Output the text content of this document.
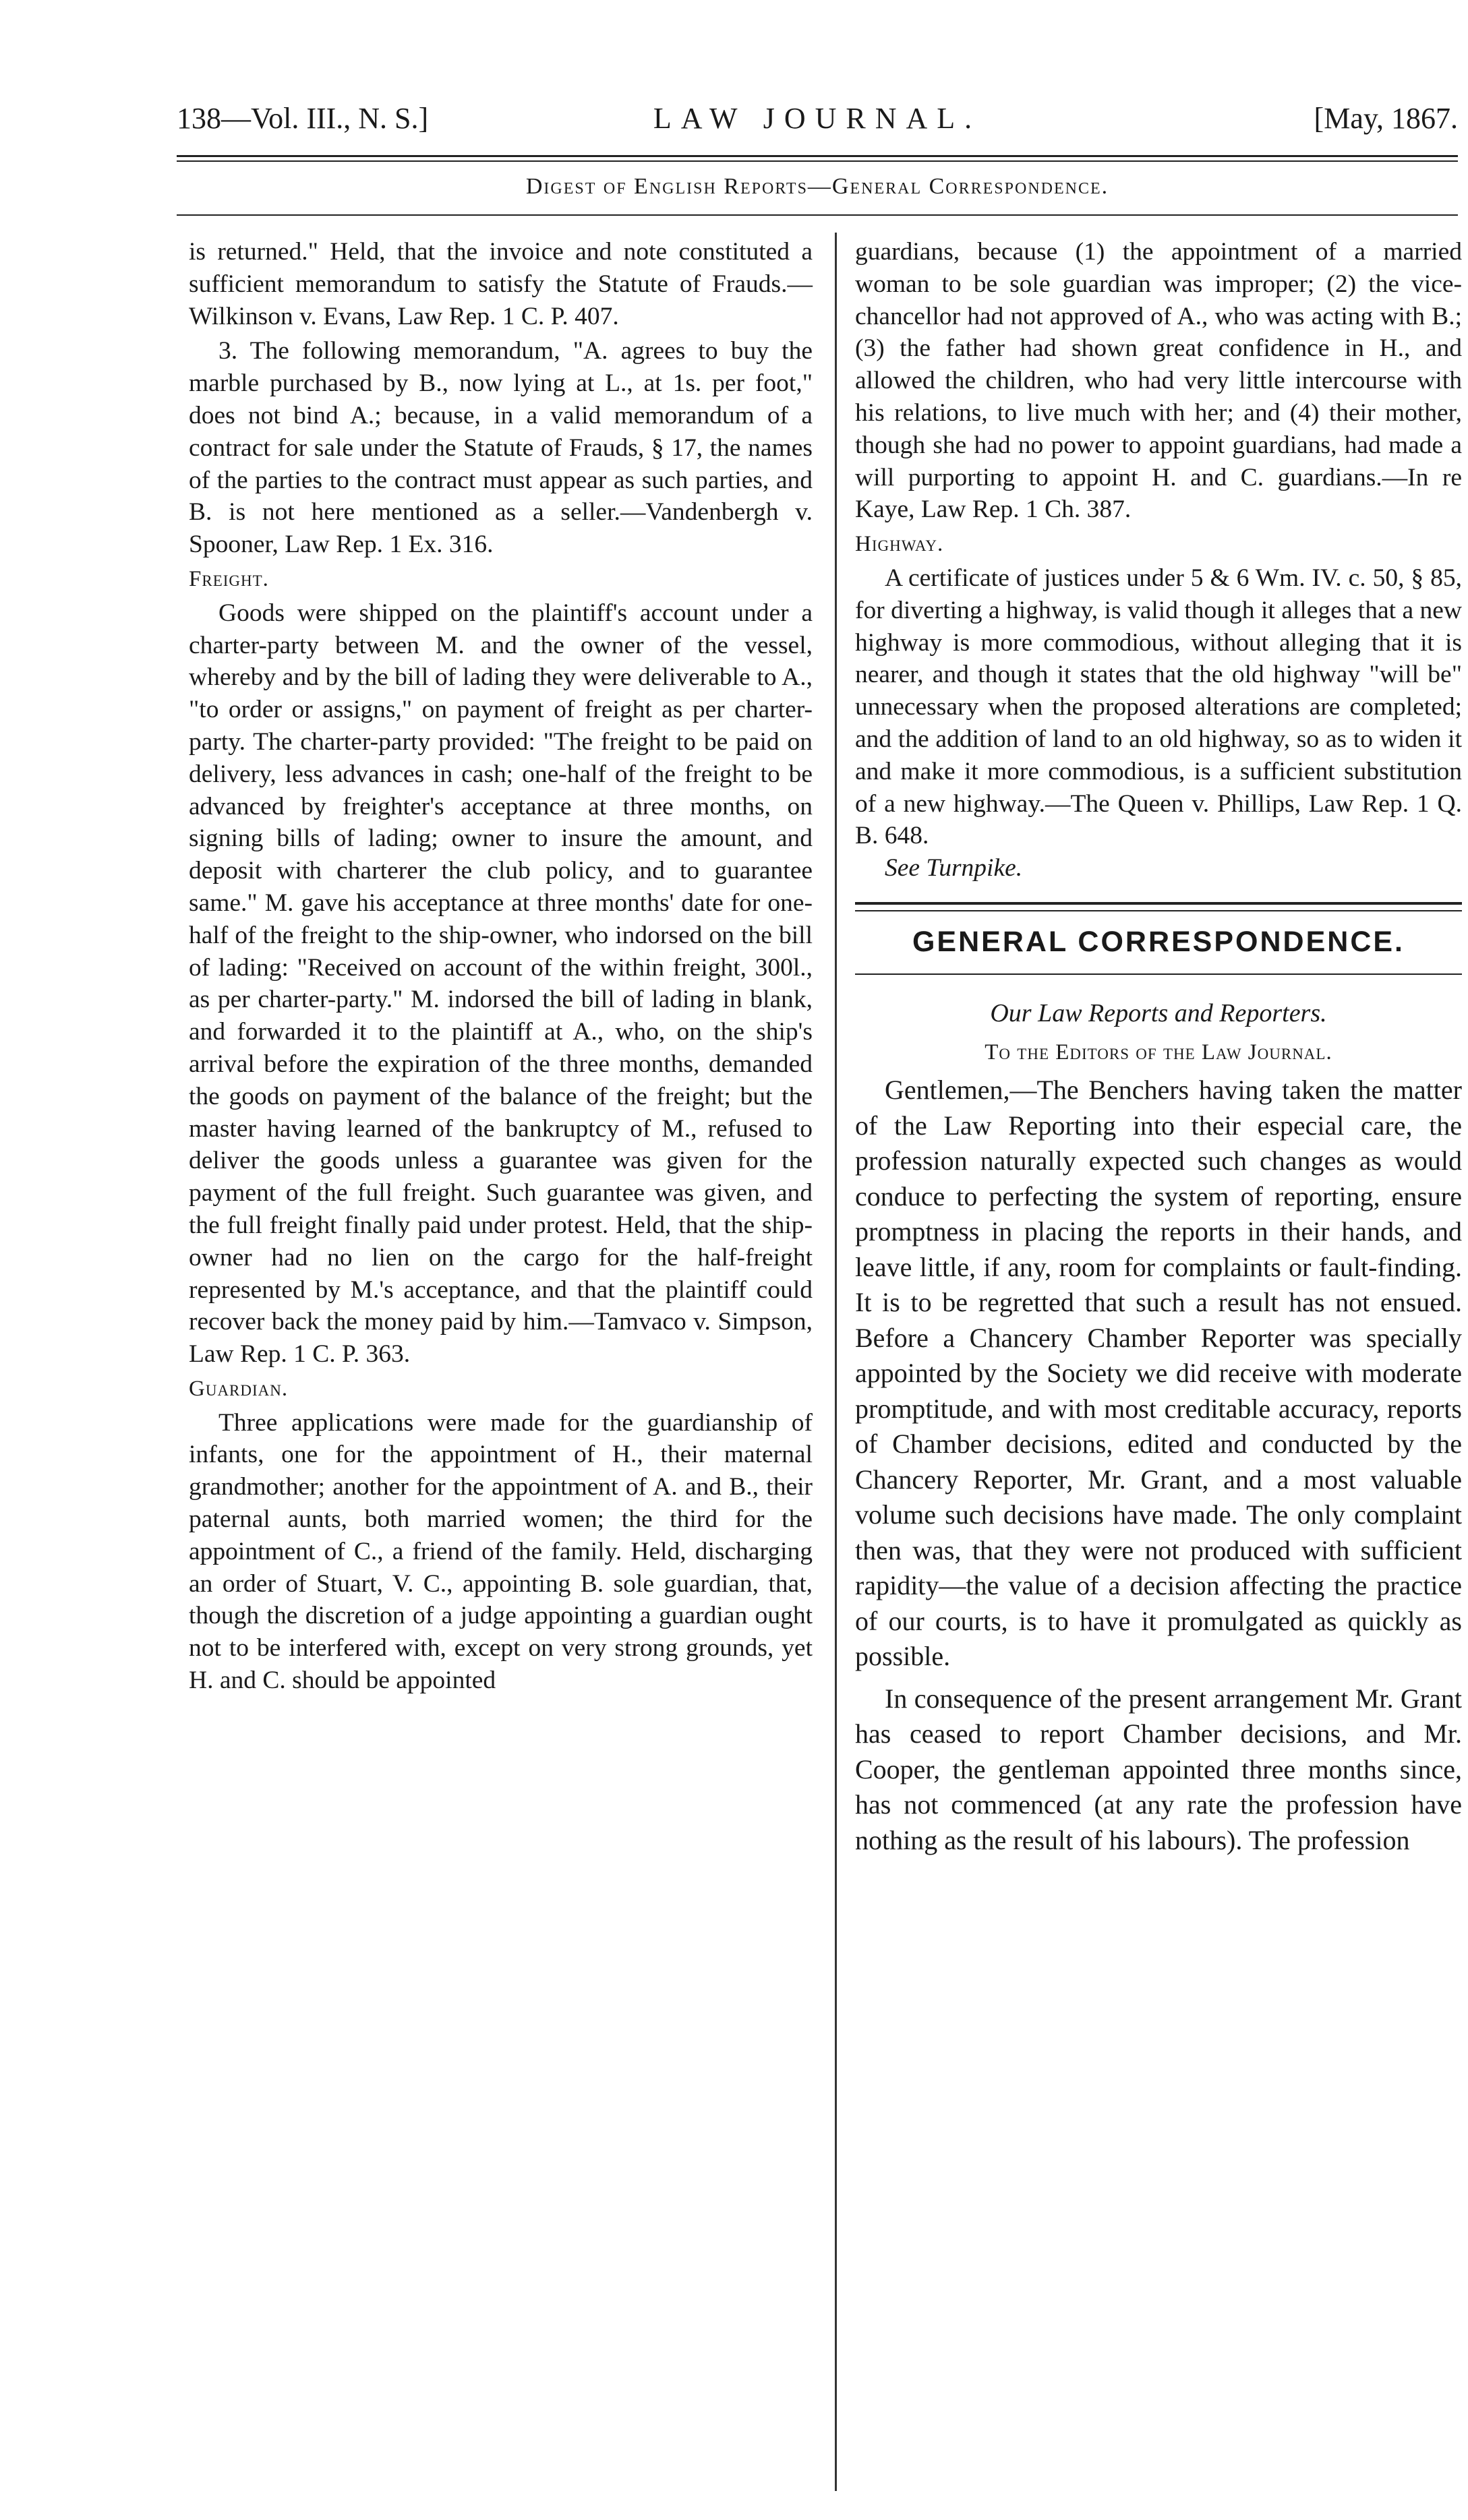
138—Vol. III., N. S.]	LAW JOURNAL.	[May, 1867.
Digest of English Reports—General Correspondence.

is returned." Held, that the invoice and note constituted a sufficient memorandum to satisfy the Statute of Frauds.—Wilkinson v. Evans, Law Rep. 1 C. P. 407.

3. The following memorandum, "A. agrees to buy the marble purchased by B., now lying at L., at 1s. per foot," does not bind A.; because, in a valid memorandum of a contract for sale under the Statute of Frauds, § 17, the names of the parties to the contract must appear as such parties, and B. is not here mentioned as a seller.—Vandenbergh v. Spooner, Law Rep. 1 Ex. 316.

Freight.

Goods were shipped on the plaintiff's account under a charter-party between M. and the owner of the vessel, whereby and by the bill of lading they were deliverable to A., "to order or assigns," on payment of freight as per charter-party. The charter-party provided: "The freight to be paid on delivery, less advances in cash; one-half of the freight to be advanced by freighter's acceptance at three months, on signing bills of lading; owner to insure the amount, and deposit with charterer the club policy, and to guarantee same." M. gave his acceptance at three months' date for one-half of the freight to the ship-owner, who indorsed on the bill of lading: "Received on account of the within freight, 300l., as per charter-party." M. indorsed the bill of lading in blank, and forwarded it to the plaintiff at A., who, on the ship's arrival before the expiration of the three months, demanded the goods on payment of the balance of the freight; but the master having learned of the bankruptcy of M., refused to deliver the goods unless a guarantee was given for the payment of the full freight. Such guarantee was given, and the full freight finally paid under protest. Held, that the ship-owner had no lien on the cargo for the half-freight represented by M.'s acceptance, and that the plaintiff could recover back the money paid by him.—Tamvaco v. Simpson, Law Rep. 1 C. P. 363.

Guardian.

Three applications were made for the guardianship of infants, one for the appointment of H., their maternal grandmother; another for the appointment of A. and B., their paternal aunts, both married women; the third for the appointment of C., a friend of the family. Held, discharging an order of Stuart, V. C., appointing B. sole guardian, that, though the discretion of a judge appointing a guardian ought not to be interfered with, except on very strong grounds, yet H. and C. should be appointed

guardians, because (1) the appointment of a married woman to be sole guardian was improper; (2) the vice-chancellor had not approved of A., who was acting with B.; (3) the father had shown great confidence in H., and allowed the children, who had very little intercourse with his relations, to live much with her; and (4) their mother, though she had no power to appoint guardians, had made a will purporting to appoint H. and C. guardians.—In re Kaye, Law Rep. 1 Ch. 387.

Highway.

A certificate of justices under 5 & 6 Wm. IV. c. 50, § 85, for diverting a highway, is valid though it alleges that a new highway is more commodious, without alleging that it is nearer, and though it states that the old highway "will be" unnecessary when the proposed alterations are completed; and the addition of land to an old highway, so as to widen it and make it more commodious, is a sufficient substitution of a new highway.—The Queen v. Phillips, Law Rep. 1 Q. B. 648.

See Turnpike.

GENERAL CORRESPONDENCE.
Our Law Reports and Reporters.
To the Editors of the Law Journal.

Gentlemen,—The Benchers having taken the matter of the Law Reporting into their especial care, the profession naturally expected such changes as would conduce to perfecting the system of reporting, ensure promptness in placing the reports in their hands, and leave little, if any, room for complaints or fault-finding. It is to be regretted that such a result has not ensued. Before a Chancery Chamber Reporter was specially appointed by the Society we did receive with moderate promptitude, and with most creditable accuracy, reports of Chamber decisions, edited and conducted by the Chancery Reporter, Mr. Grant, and a most valuable volume such decisions have made. The only complaint then was, that they were not produced with sufficient rapidity—the value of a decision affecting the practice of our courts, is to have it promulgated as quickly as possible.

In consequence of the present arrangement Mr. Grant has ceased to report Chamber decisions, and Mr. Cooper, the gentleman appointed three months since, has not commenced (at any rate the profession have nothing as the result of his labours). The profession
